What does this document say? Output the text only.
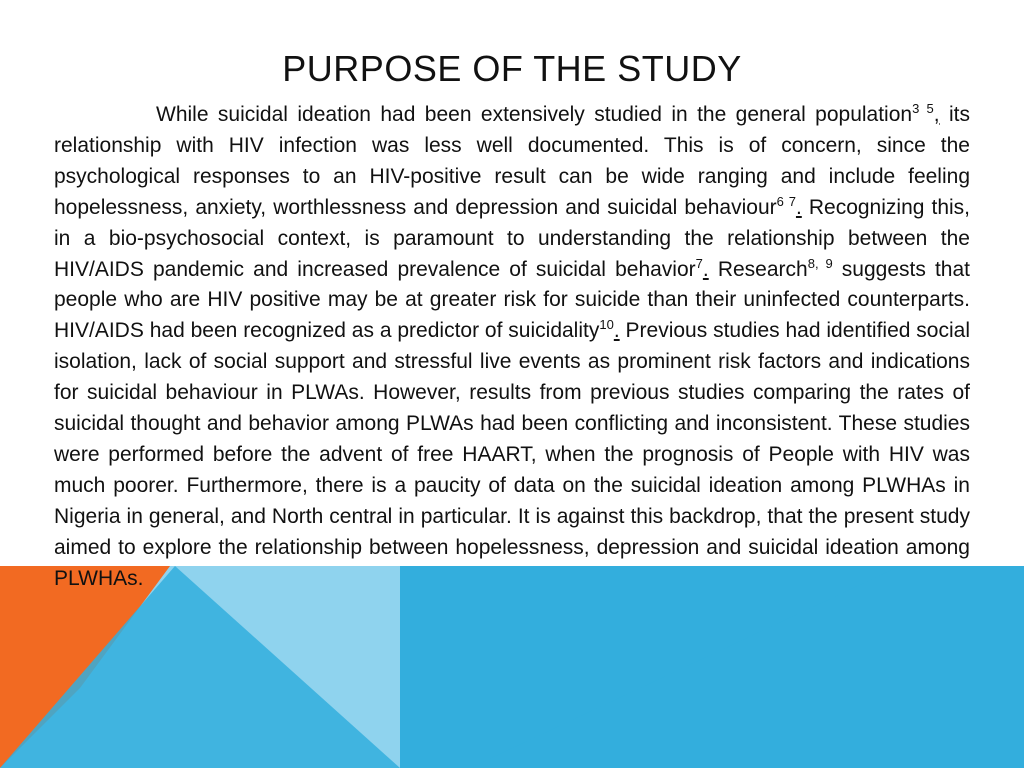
PURPOSE OF THE STUDY

While suicidal ideation had been extensively studied in the general population$^{3 5}$, its relationship with HIV infection was less well documented. This is of concern, since the psychological responses to an HIV-positive result can be wide ranging and include feeling hopelessness, anxiety, worthlessness and depression and suicidal behaviour$^{6 7}$. Recognizing this, in a bio-psychosocial context, is paramount to understanding the relationship between the HIV/AIDS pandemic and increased prevalence of suicidal behavior$^7$. Research$^{8, 9}$ suggests that people who are HIV positive may be at greater risk for suicide than their uninfected counterparts. HIV/AIDS had been recognized as a predictor of suicidality$^{10}$. Previous studies had identified social isolation, lack of social support and stressful live events as prominent risk factors and indications for suicidal behaviour in PLWAs. However, results from previous studies comparing the rates of suicidal thought and behavior among PLWAs had been conflicting and inconsistent. These studies were performed before the advent of free HAART, when the prognosis of People with HIV was much poorer. Furthermore, there is a paucity of data on the suicidal ideation among PLWHAs in Nigeria in general, and North central in particular. It is against this backdrop, that the present study aimed to explore the relationship between hopelessness, depression and suicidal ideation among PLWHAs.
